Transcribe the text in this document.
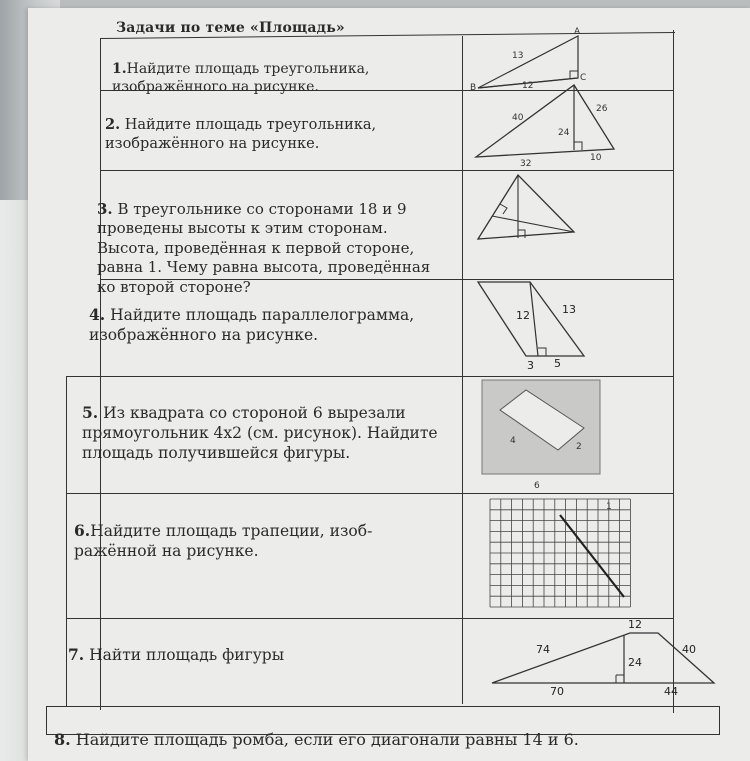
Задачи по теме «Площадь»

1.Найдите площадь треугольника,
изображённого на рисунке.

2. Найдите площадь треугольника,
изображённого на рисунке.

3. В треугольнике со сторонами 18 и 9
проведены высоты к этим сторонам.
Высота, проведённая к первой стороне,
равна 1. Чему равна высота, проведённая
ко второй стороне?

4. Найдите площадь параллелограмма,
изображённого на рисунке.

5. Из квадрата со стороной 6 вырезали
прямоугольник 4х2 (см. рисунок). Найдите
площадь получившейся фигуры.

6.Найдите площадь трапеции, изоб-
ражённой на рисунке.

7. Найти площадь фигуры

8. Найдите площадь ромба, если его диагонали равны 14 и 6.

A
B
C
13
12
40
26
24
32
10
12	13
3 5
4
2
6
1
12
74	40
24
70	44
